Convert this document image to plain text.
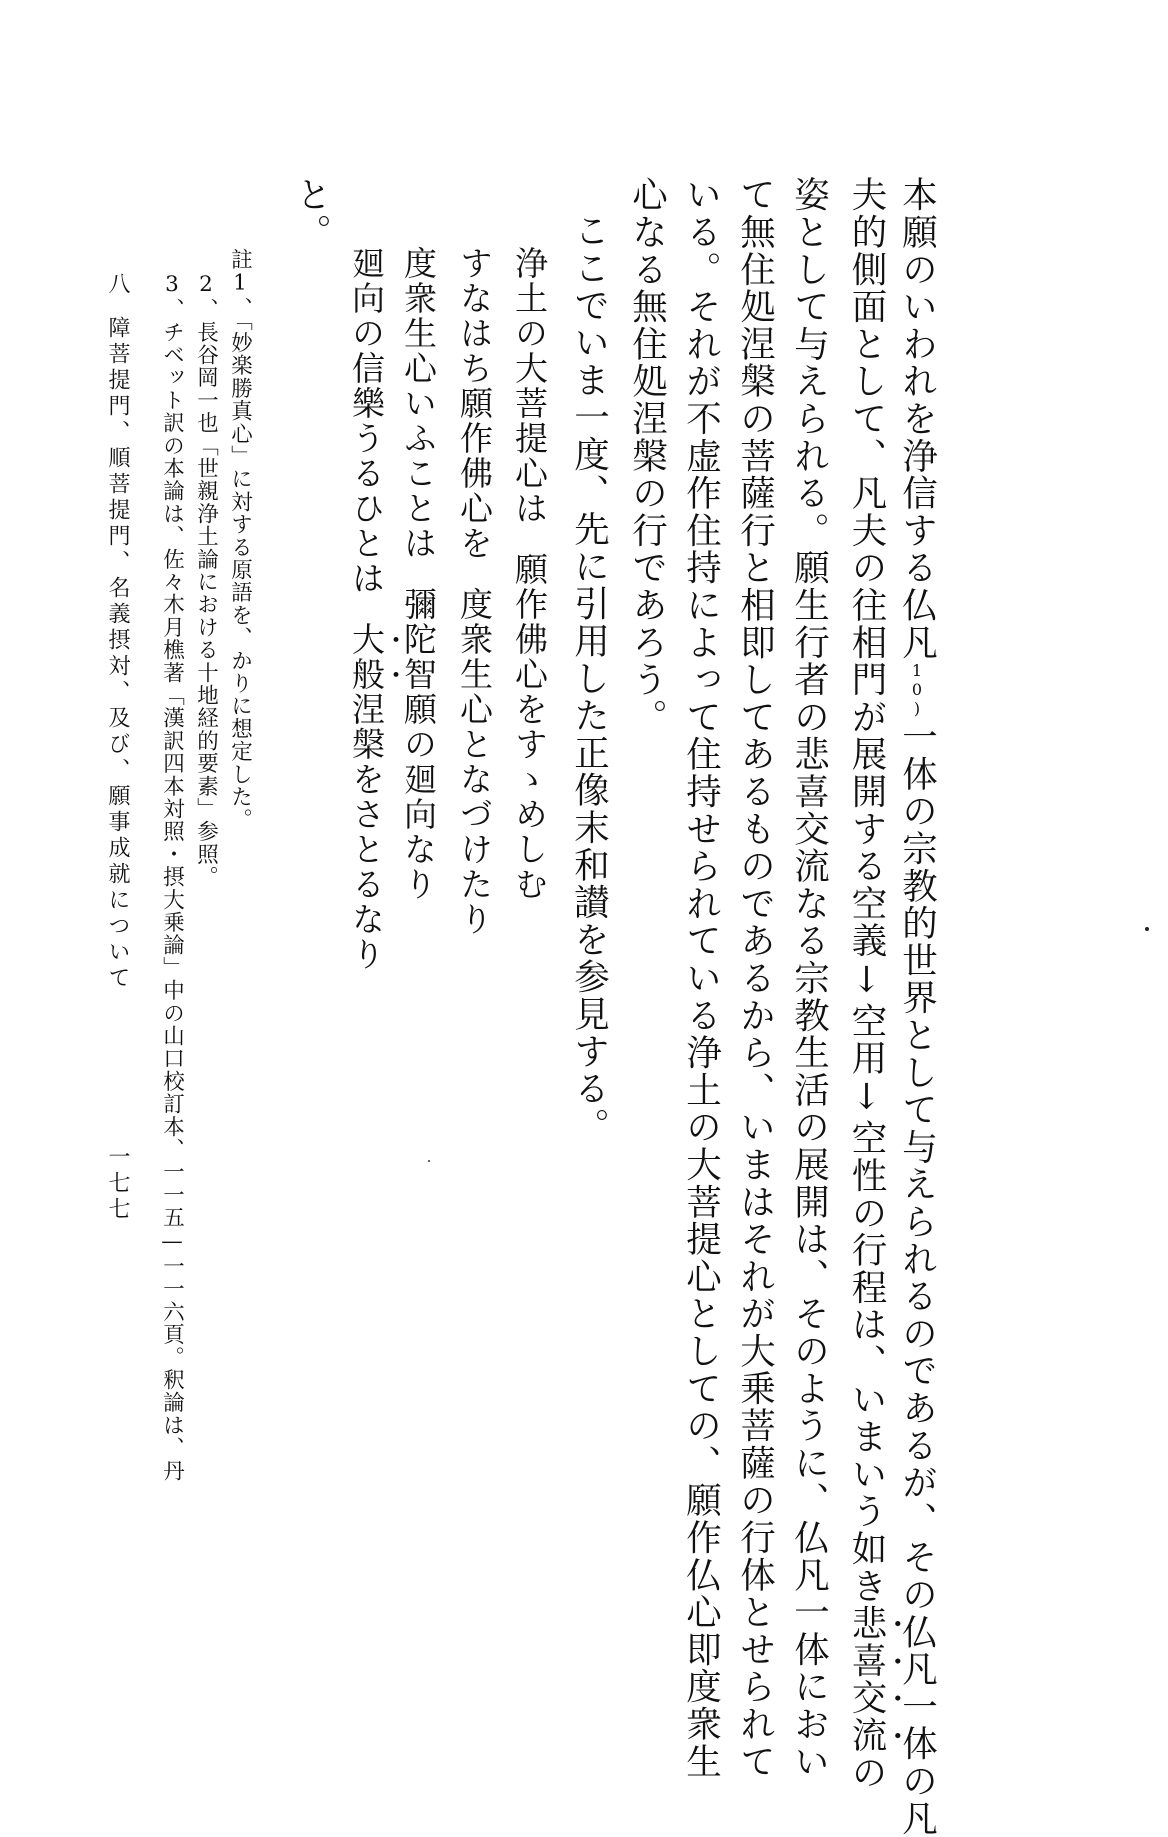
本願のいわれを浄信する仏凡10)一体の宗教的世界として与えられるのであるが、その仏凡一体の凡
夫的側面として、凡夫の往相門が展開する空義↓空用↓空性の行程は、いまいう如き悲喜交流の
姿として与えられる。願生行者の悲喜交流なる宗教生活の展開は、そのように、仏凡一体におい
て無住処涅槃の菩薩行と相即してあるものであるから、いまはそれが大乗菩薩の行体とせられて
いる。それが不虚作住持によって住持せられている浄土の大菩提心としての、願作仏心即度衆生
心なる無住処涅槃の行であろう。
ここでいま一度、先に引用した正像末和讃を参見する。
浄土の大菩提心は願作佛心をすゝめしむ
すなはち願作佛心を度衆生心となづけたり
度衆生心いふことは彌陀智願の廻向なり
廻向の信樂うるひとは大般涅槃をさとるなり
と。
註1、「妙楽勝真心」に対する原語を、かりに想定した。
2、長谷岡一也「世親浄土論における十地経的要素」参照。
3、チベット訳の本論は、佐々木月樵著「漢訳四本対照・摂大乗論」中の山口校訂本、一一五—一一六頁。釈論は、丹
八障菩提門、順菩提門、名義摂対、及び、願事成就について
一七七
